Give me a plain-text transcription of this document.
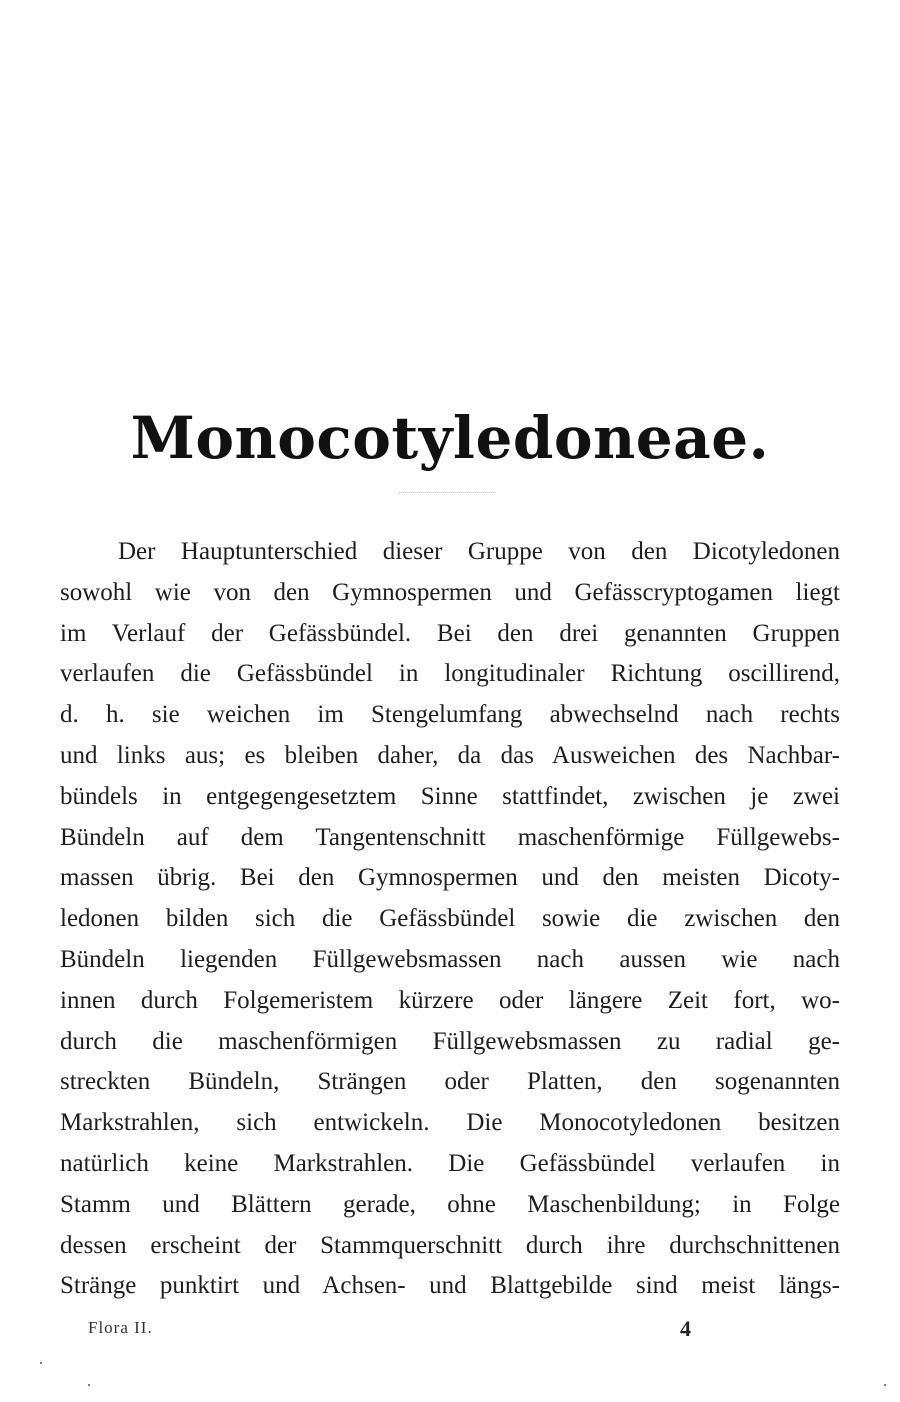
Monocotyledoneae.
Der Hauptunterschied dieser Gruppe von den Dicotyledonen
sowohl wie von den Gymnospermen und Gefässcryptogamen liegt
im Verlauf der Gefässbündel. Bei den drei genannten Gruppen
verlaufen die Gefässbündel in longitudinaler Richtung oscillirend,
d. h. sie weichen im Stengelumfang abwechselnd nach rechts
und links aus; es bleiben daher, da das Ausweichen des Nachbar-
bündels in entgegengesetztem Sinne stattfindet, zwischen je zwei
Bündeln auf dem Tangentenschnitt maschenförmige Füllgewebs-
massen übrig. Bei den Gymnospermen und den meisten Dicoty-
ledonen bilden sich die Gefässbündel sowie die zwischen den
Bündeln liegenden Füllgewebsmassen nach aussen wie nach
innen durch Folgemeristem kürzere oder längere Zeit fort, wo-
durch die maschenförmigen Füllgewebsmassen zu radial ge-
streckten Bündeln, Strängen oder Platten, den sogenannten
Markstrahlen, sich entwickeln. Die Monocotyledonen besitzen
natürlich keine Markstrahlen. Die Gefässbündel verlaufen in
Stamm und Blättern gerade, ohne Maschenbildung; in Folge
dessen erscheint der Stammquerschnitt durch ihre durchschnittenen
Stränge punktirt und Achsen- und Blattgebilde sind meist längs-
Flora II.	4
